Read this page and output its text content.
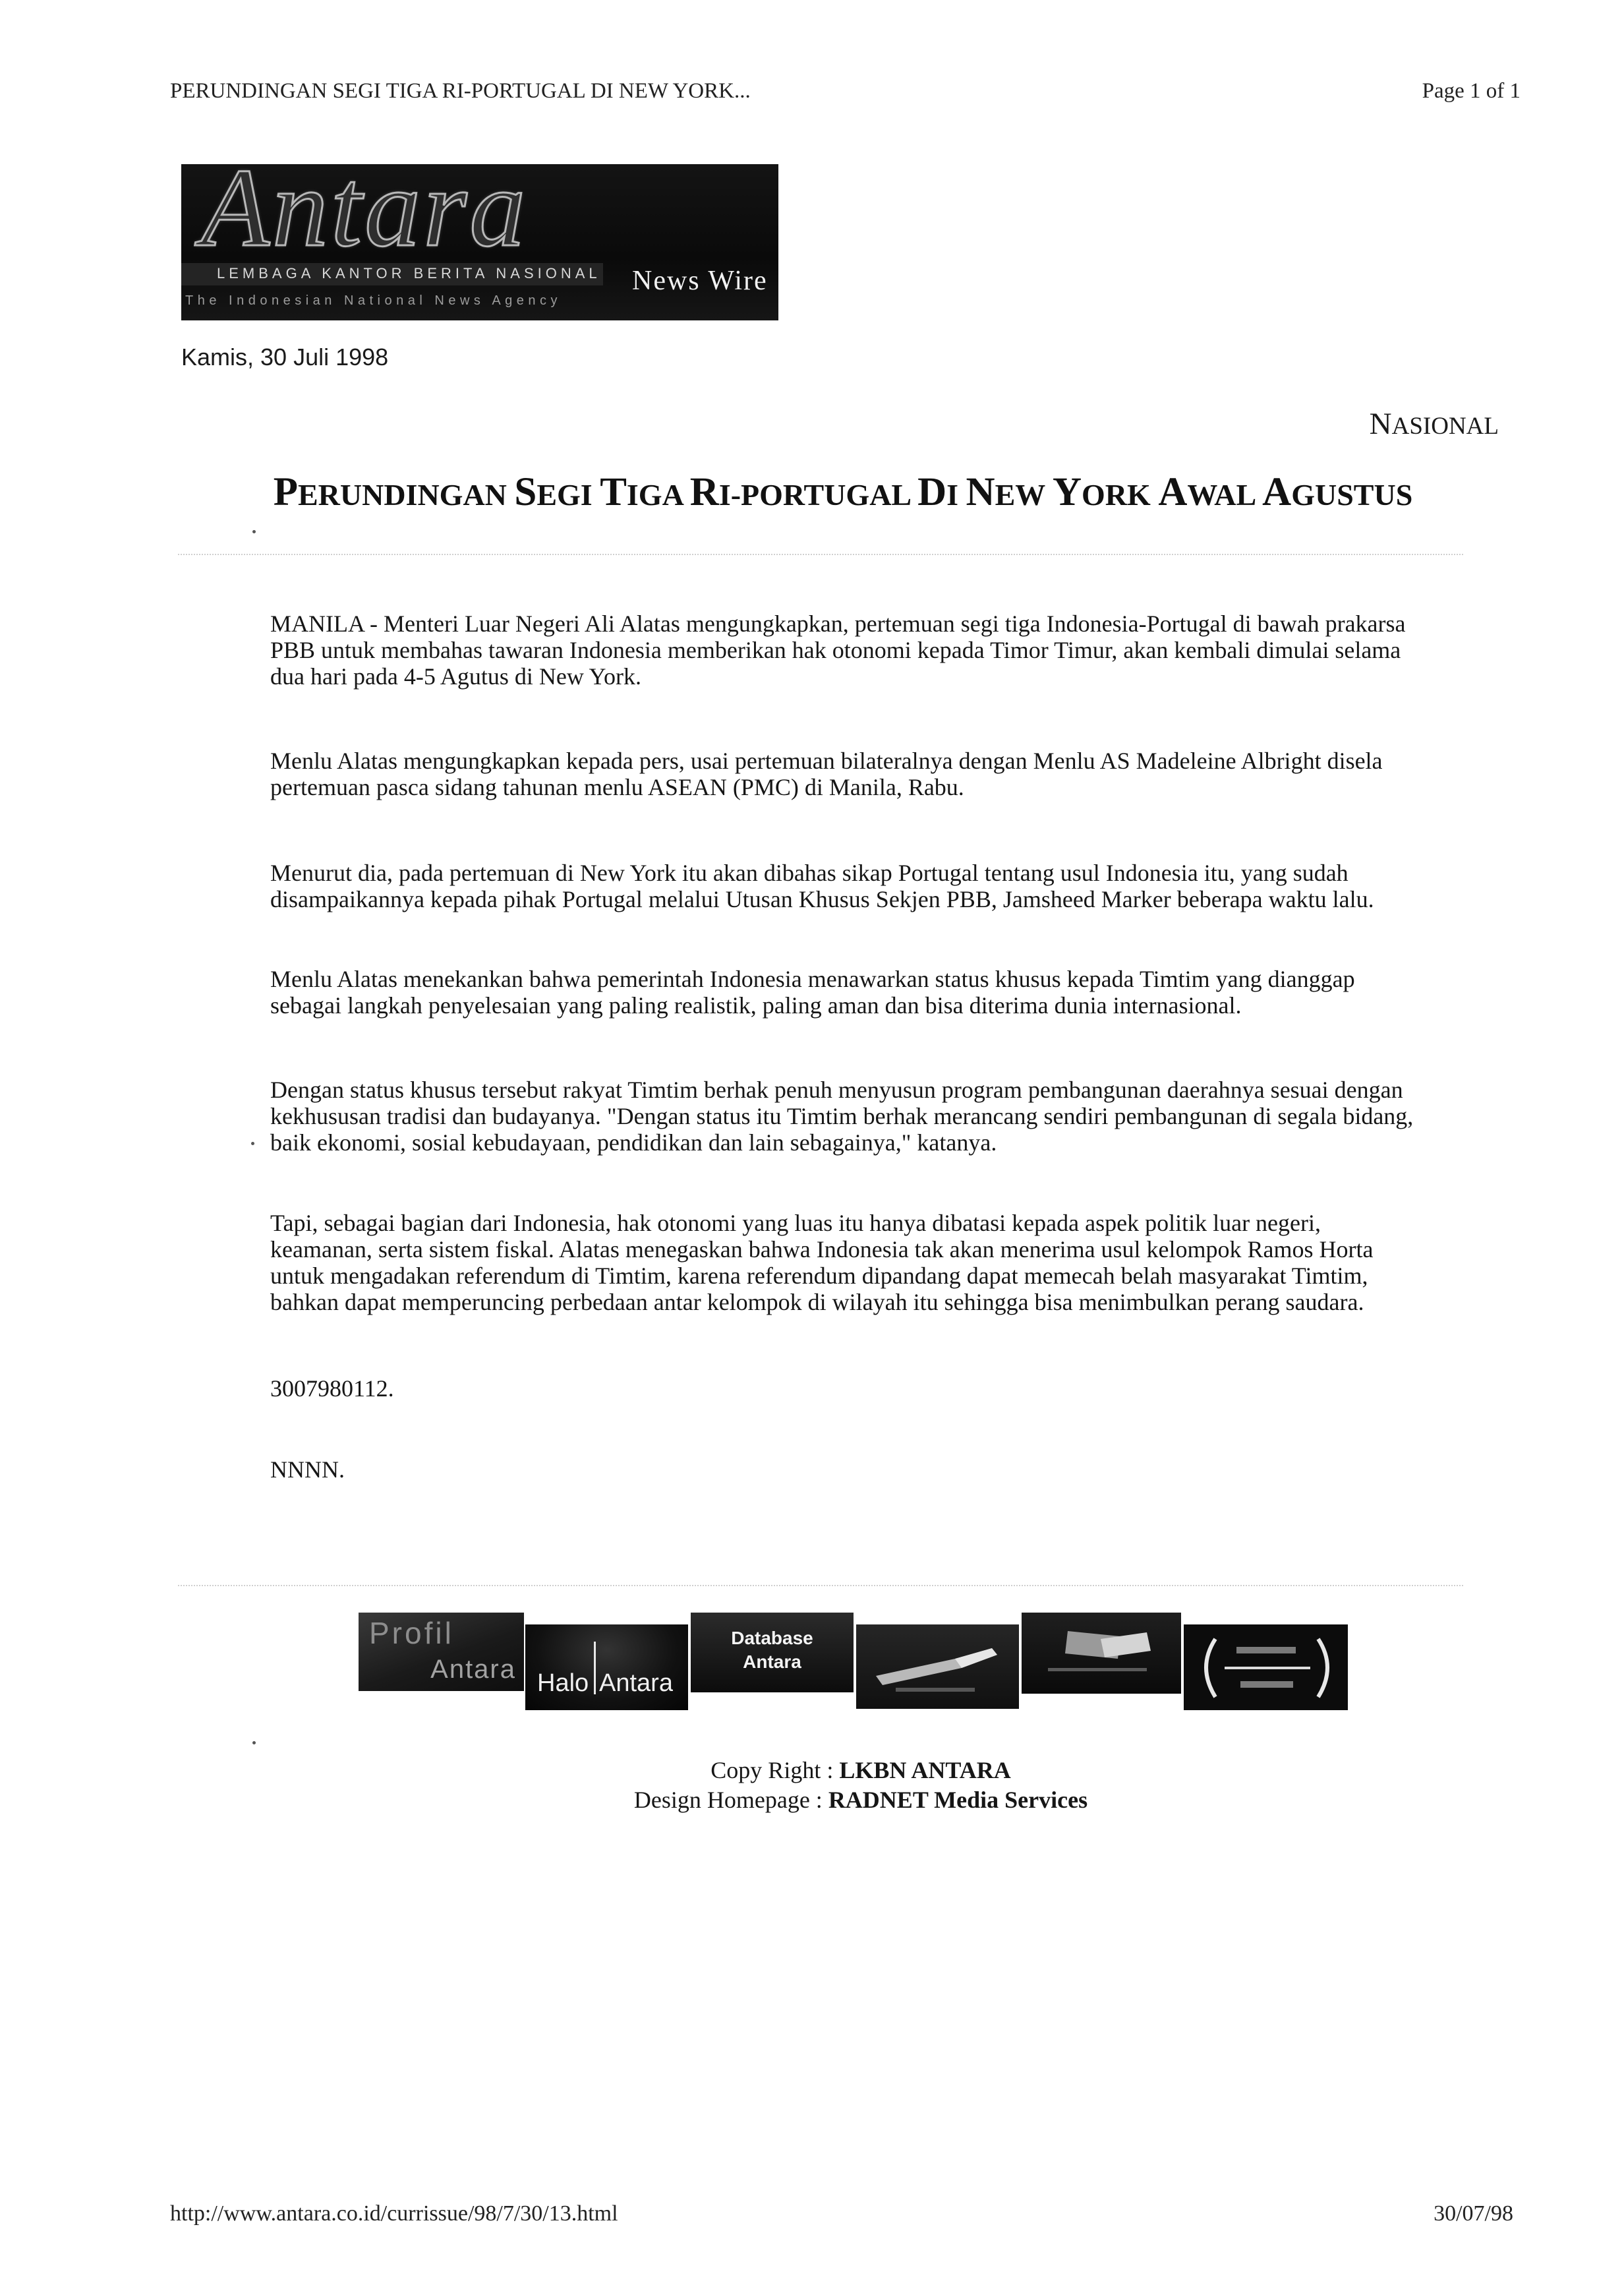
PERUNDINGAN SEGI TIGA RI-PORTUGAL DI NEW YORK...	Page 1 of 1
Antara
LEMBAGA KANTOR BERITA NASIONAL
The Indonesian National News Agency
News Wire
Kamis, 30 Juli 1998
NASIONAL
PERUNDINGAN SEGI TIGA RI-PORTUGAL DI NEW YORK AWAL AGUSTUS
MANILA - Menteri Luar Negeri Ali Alatas mengungkapkan, pertemuan segi tiga Indonesia-Portugal di bawah prakarsa
PBB untuk membahas tawaran Indonesia memberikan hak otonomi kepada Timor Timur, akan kembali dimulai selama
dua hari pada 4-5 Agutus di New York.
Menlu Alatas mengungkapkan kepada pers, usai pertemuan bilateralnya dengan Menlu AS Madeleine Albright disela
pertemuan pasca sidang tahunan menlu ASEAN (PMC) di Manila, Rabu.
Menurut dia, pada pertemuan di New York itu akan dibahas sikap Portugal tentang usul Indonesia itu, yang sudah
disampaikannya kepada pihak Portugal melalui Utusan Khusus Sekjen PBB, Jamsheed Marker beberapa waktu lalu.
Menlu Alatas menekankan bahwa pemerintah Indonesia menawarkan status khusus kepada Timtim yang dianggap
sebagai langkah penyelesaian yang paling realistik, paling aman dan bisa diterima dunia internasional.
Dengan status khusus tersebut rakyat Timtim berhak penuh menyusun program pembangunan daerahnya sesuai dengan
kekhususan tradisi dan budayanya. "Dengan status itu Timtim berhak merancang sendiri pembangunan di segala bidang,
baik ekonomi, sosial kebudayaan, pendidikan dan lain sebagainya," katanya.
Tapi, sebagai bagian dari Indonesia, hak otonomi yang luas itu hanya dibatasi kepada aspek politik luar negeri,
keamanan, serta sistem fiskal. Alatas menegaskan bahwa Indonesia tak akan menerima usul kelompok Ramos Horta
untuk mengadakan referendum di Timtim, karena referendum dipandang dapat memecah belah masyarakat Timtim,
bahkan dapat memperuncing perbedaan antar kelompok di wilayah itu sehingga bisa menimbulkan perang saudara.
3007980112.
NNNN.
Profil
Antara Halo Antara
Database
Antara
Copy Right : LKBN ANTARA
Design Homepage : RADNET Media Services
http://www.antara.co.id/currissue/98/7/30/13.html	30/07/98
